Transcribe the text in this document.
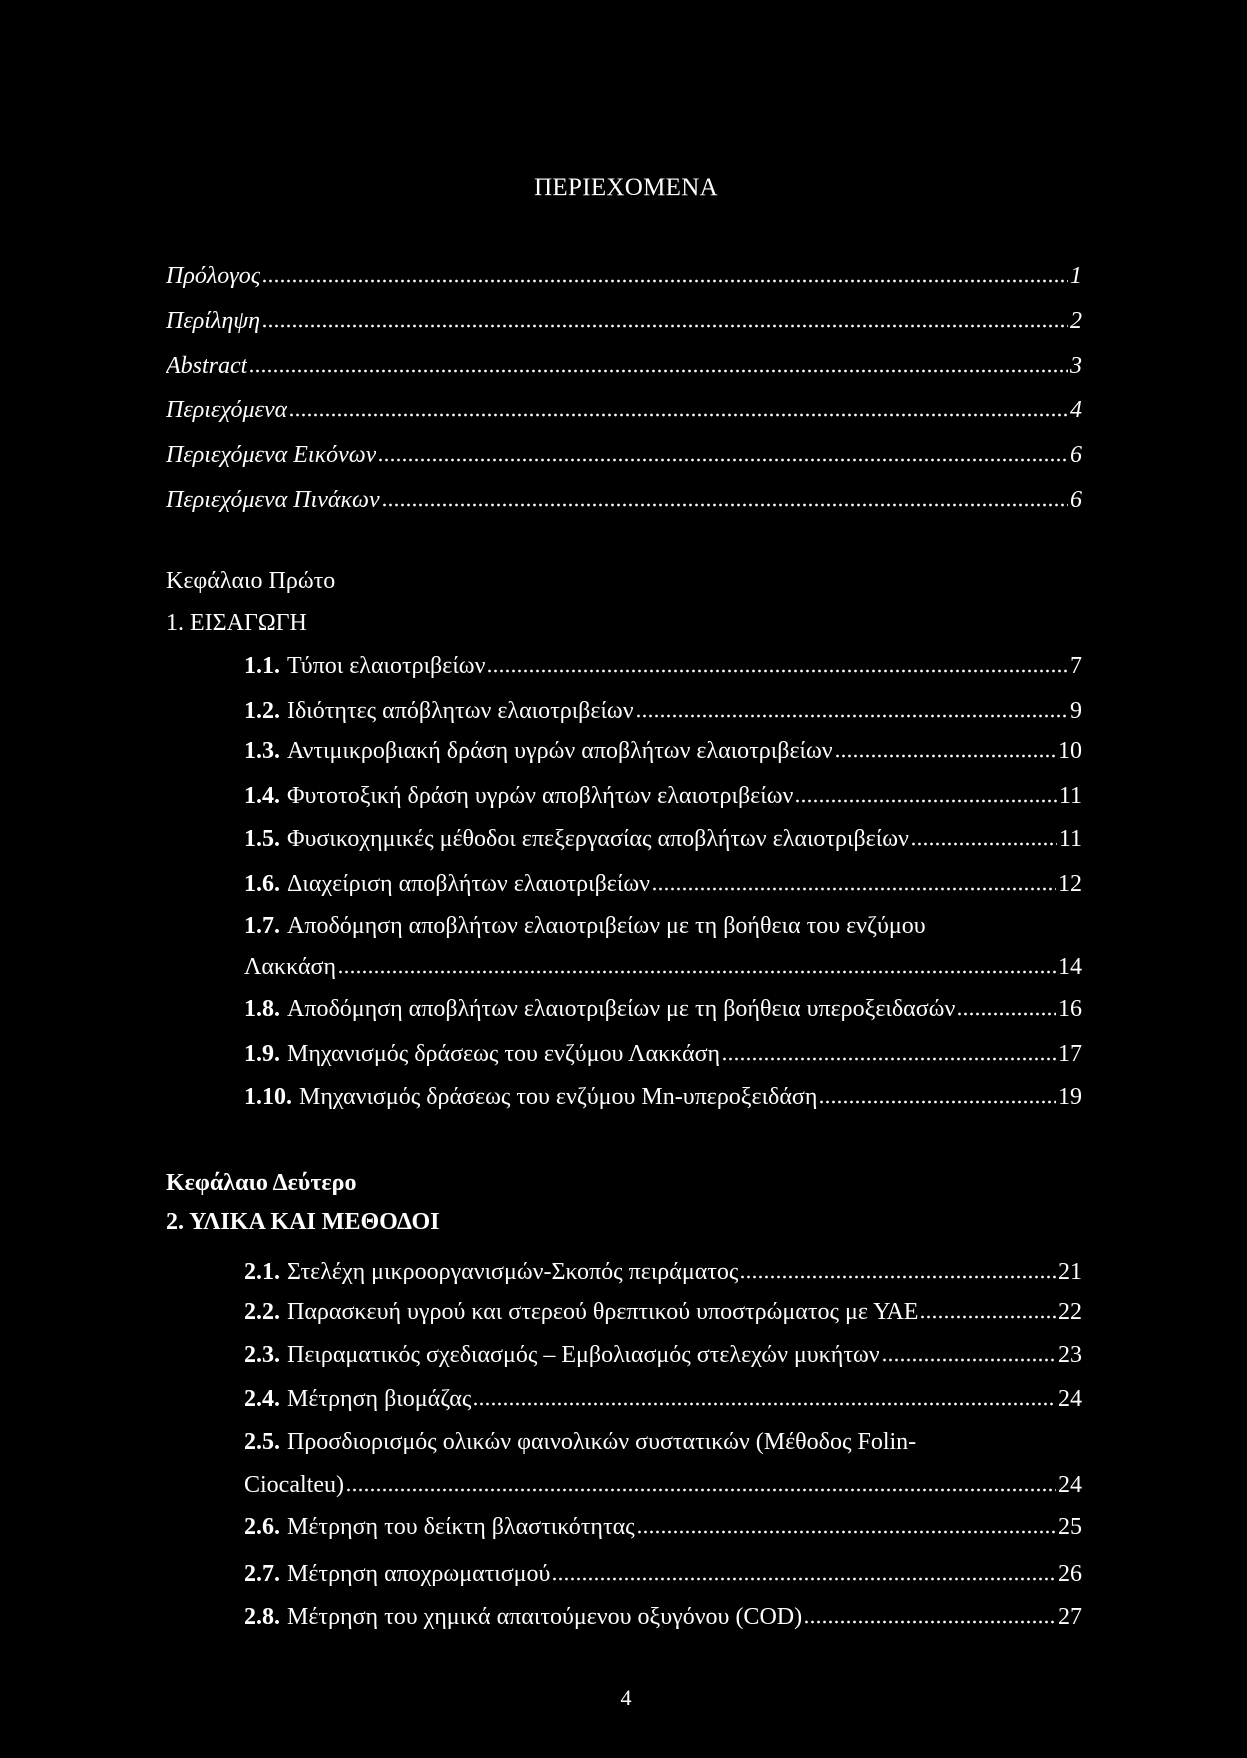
ΠΕΡΙΕΧΟΜΕΝΑ
Πρόλογος	1
Περίληψη	2
Abstract	3
Περιεχόμενα	4
Περιεχόμενα Εικόνων	6
Περιεχόμενα Πινάκων	6
Κεφάλαιο Πρώτο
1. ΕΙΣΑΓΩΓΗ
1.1. Τύποι ελαιοτριβείων	7
1.2. Ιδιότητες απόβλητων ελαιοτριβείων	9
1.3. Αντιμικροβιακή δράση υγρών αποβλήτων ελαιοτριβείων	10
1.4. Φυτοτοξική δράση υγρών αποβλήτων ελαιοτριβείων	11
1.5. Φυσικοχημικές μέθοδοι επεξεργασίας αποβλήτων ελαιοτριβείων	11
1.6. Διαχείριση αποβλήτων ελαιοτριβείων	12
1.7. Αποδόμηση αποβλήτων ελαιοτριβείων με τη βοήθεια του ενζύμου
Λακκάση	14
1.8. Αποδόμηση αποβλήτων ελαιοτριβείων με τη βοήθεια υπεροξειδασών	16
1.9. Μηχανισμός δράσεως του ενζύμου Λακκάση	17
1.10. Μηχανισμός δράσεως του ενζύμου Mn-υπεροξειδάση	19
Κεφάλαιο Δεύτερο
2. ΥΛΙΚΑ ΚΑΙ ΜΕΘΟΔΟΙ
2.1. Στελέχη μικροοργανισμών-Σκοπός πειράματος	21
2.2. Παρασκευή υγρού και στερεού θρεπτικού υποστρώματος με ΥΑΕ	22
2.3. Πειραματικός σχεδιασμός – Εμβολιασμός στελεχών μυκήτων	23
2.4. Μέτρηση βιομάζας	24
2.5. Προσδιορισμός ολικών φαινολικών συστατικών (Μέθοδος Folin-
Ciocalteu)	24
2.6. Μέτρηση του δείκτη βλαστικότητας	25
2.7. Μέτρηση αποχρωματισμού	26
2.8. Μέτρηση του χημικά απαιτούμενου οξυγόνου (COD)	27
4
